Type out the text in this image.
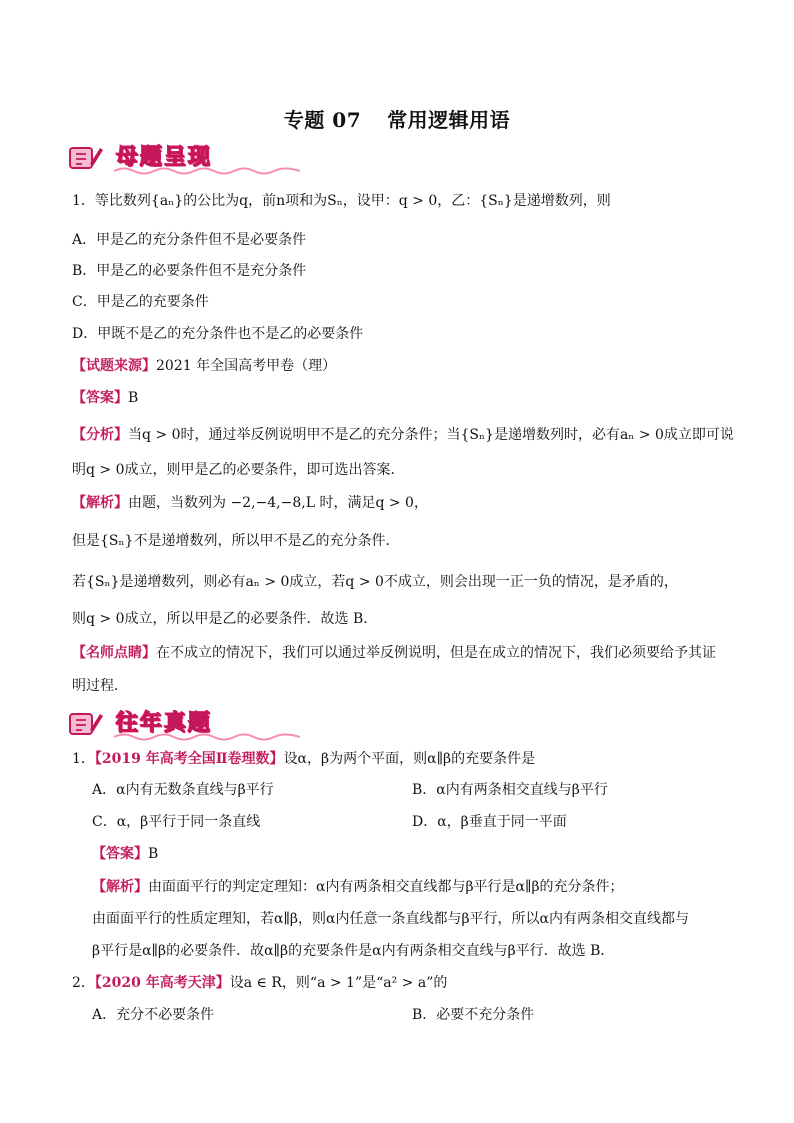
专题 07 常用逻辑用语
母题呈现
1．等比数列{aₙ}的公比为q，前n项和为Sₙ，设甲：q > 0，乙：{Sₙ}是递增数列，则
A．甲是乙的充分条件但不是必要条件
B．甲是乙的必要条件但不是充分条件
C．甲是乙的充要条件
D．甲既不是乙的充分条件也不是乙的必要条件
【试题来源】2021 年全国高考甲卷（理）
【答案】B
【分析】当q > 0时，通过举反例说明甲不是乙的充分条件；当{Sₙ}是递增数列时，必有aₙ > 0成立即可说
明q > 0成立，则甲是乙的必要条件，即可选出答案．
【解析】由题，当数列为 −2,−4,−8,L 时，满足q > 0，
但是{Sₙ}不是递增数列，所以甲不是乙的充分条件．
若{Sₙ}是递增数列，则必有aₙ > 0成立，若q > 0不成立，则会出现一正一负的情况，是矛盾的，
则q > 0成立，所以甲是乙的必要条件．故选 B．
【名师点睛】在不成立的情况下，我们可以通过举反例说明，但是在成立的情况下，我们必须要给予其证
明过程．
往年真题
1．【2019 年高考全国Ⅱ卷理数】设α，β为两个平面，则α∥β的充要条件是
A．α内有无数条直线与β平行	B．α内有两条相交直线与β平行
C．α，β平行于同一条直线	D．α，β垂直于同一平面
【答案】B
【解析】由面面平行的判定定理知：α内有两条相交直线都与β平行是α∥β的充分条件；
由面面平行的性质定理知，若α∥β，则α内任意一条直线都与β平行，所以α内有两条相交直线都与
β平行是α∥β的必要条件．故α∥β的充要条件是α内有两条相交直线与β平行．故选 B．
2．【2020 年高考天津】设a ∈ R，则“a > 1”是“a² > a”的
A．充分不必要条件	B．必要不充分条件
